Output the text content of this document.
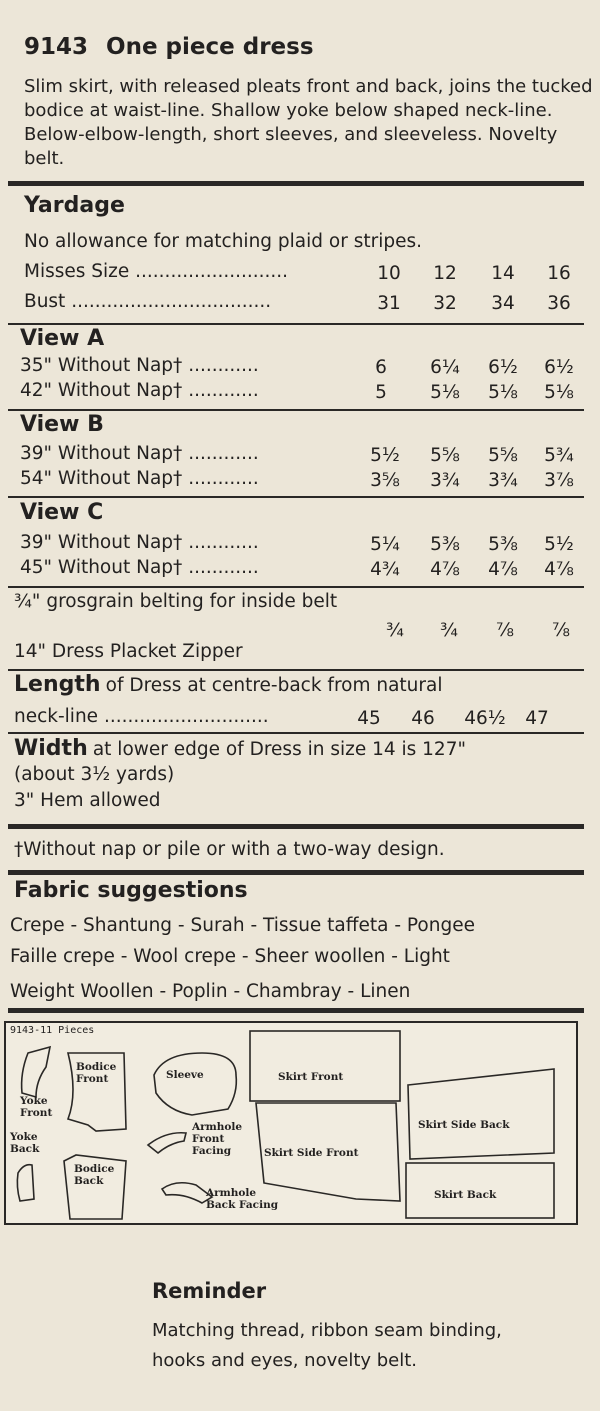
9143 One piece dress
Slim skirt, with released pleats front and back, joins the tucked bodice at waist-line. Shallow yoke below shaped neck-line. Below-elbow-length, short sleeves, and sleeveless. Novelty belt.
Yardage
No allowance for matching plaid or stripes.
Misses Size ..........................	10	12	14	16
Bust ..................................	31	32	34	36
View A
35" Without Nap† ............	6	6¼	6½	6½
42" Without Nap† ............	5	5⅛	5⅛	5⅛
View B
39" Without Nap† ............	5½	5⅝	5⅝	5¾
54" Without Nap† ............	3⅝	3¾	3¾	3⅞
View C
39" Without Nap† ............	5¼	5⅜	5⅜	5½
45" Without Nap† ............	4¾	4⅞	4⅞	4⅞
¾" grosgrain belting for inside belt
¾	¾	⅞	⅞
14" Dress Placket Zipper
Length of Dress at centre-back from natural
neck-line ............................	45	46	46½	47
Width at lower edge of Dress in size 14 is 127"
(about 3½ yards)
3" Hem allowed
†Without nap or pile or with a two-way design.
Fabric suggestions
Crepe - Shantung - Surah - Tissue taffeta - Pongee
Faille crepe - Wool crepe - Sheer woollen - Light
Weight Woollen - Poplin - Chambray - Linen
9143-11 Pieces
Yoke Front
Bodice Front	Sleeve	Skirt Front
Yoke Back
Armhole Front Facing	Skirt Side Front
Skirt Side Back
Bodice Back
Armhole Back Facing
Skirt Back
Reminder
Matching thread, ribbon seam binding, hooks and eyes, novelty belt.
